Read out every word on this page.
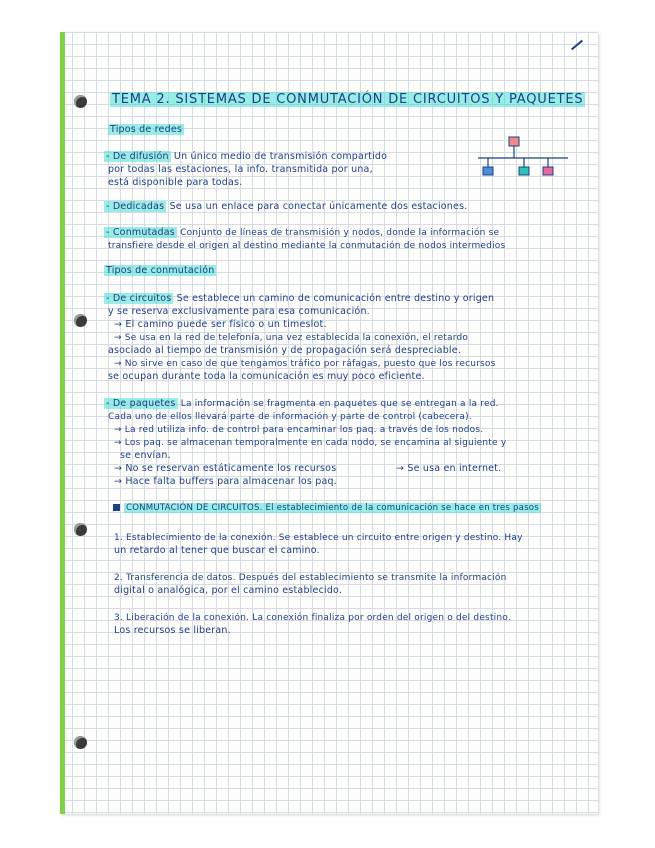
TEMA 2. SISTEMAS DE CONMUTACIÓN DE CIRCUITOS Y PAQUETES
Tipos de redes
- De difusión Un único medio de transmisión compartido
por todas las estaciones, la info. transmitida por una,
está disponible para todas.
- Dedicadas Se usa un enlace para conectar únicamente dos estaciones.
- Conmutadas Conjunto de líneas de transmisión y nodos, donde la información se
transfiere desde el origen al destino mediante la conmutación de nodos intermedios
Tipos de conmutación
- De circuitos Se establece un camino de comunicación entre destino y origen
y se reserva exclusivamente para esa comunicación.
→ El camino puede ser físico o un timeslot.
→ Se usa en la red de telefonía, una vez establecida la conexión, el retardo
asociado al tiempo de transmisión y de propagación será despreciable.
→ No sirve en caso de que tengamos tráfico por ráfagas, puesto que los recursos
se ocupan durante toda la comunicación es muy poco eficiente.
- De paquetes La información se fragmenta en paquetes que se entregan a la red.
Cada uno de ellos llevará parte de información y parte de control (cabecera).
→ La red utiliza info. de control para encaminar los paq. a través de los nodos.
→ Los paq. se almacenan temporalmente en cada nodo, se encamina al siguiente y
se envían.
→ No se reservan estáticamente los recursos	→ Se usa en internet.
→ Hace falta buffers para almacenar los paq.
CONMUTACIÓN DE CIRCUITOS. El establecimiento de la comunicación se hace en tres pasos
1. Establecimiento de la conexión. Se establece un circuito entre origen y destino. Hay
un retardo al tener que buscar el camino.
2. Transferencia de datos. Después del establecimiento se transmite la información
digital o analógica, por el camino establecido.
3. Liberación de la conexión. La conexión finaliza por orden del origen o del destino.
Los recursos se liberan.
